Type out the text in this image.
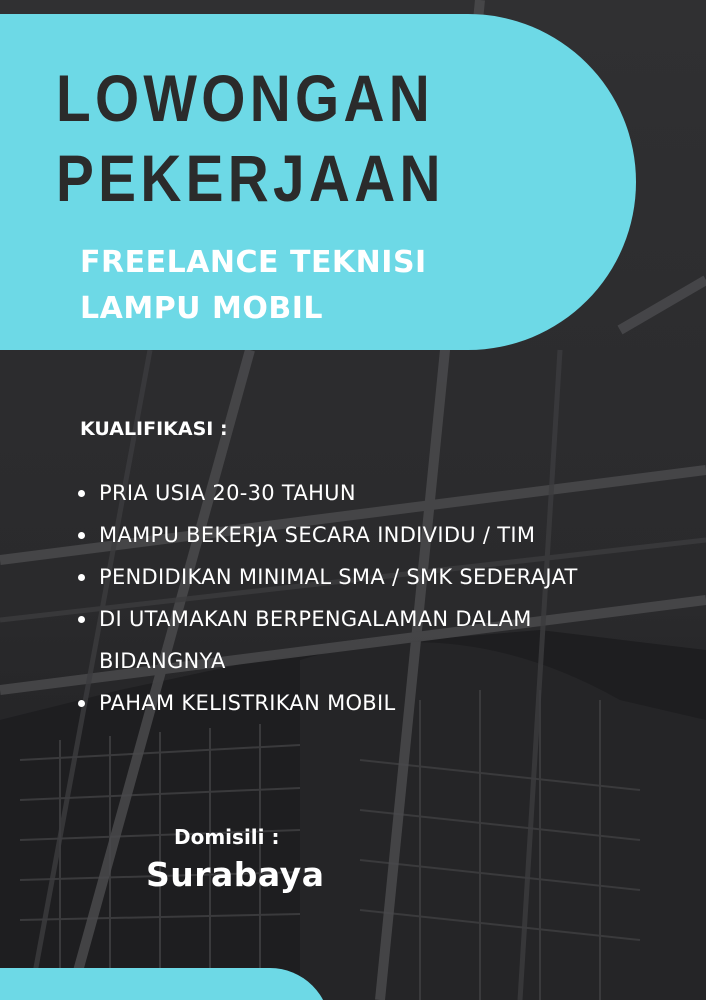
LOWONGAN
PEKERJAAN
FREELANCE TEKNISI
LAMPU MOBIL
KUALIFIKASI :
PRIA USIA 20-30 TAHUN
MAMPU BEKERJA SECARA INDIVIDU / TIM
PENDIDIKAN MINIMAL SMA / SMK SEDERAJAT
DI UTAMAKAN BERPENGALAMAN DALAM BIDANGNYA
PAHAM KELISTRIKAN MOBIL

Domisili :

Surabaya
